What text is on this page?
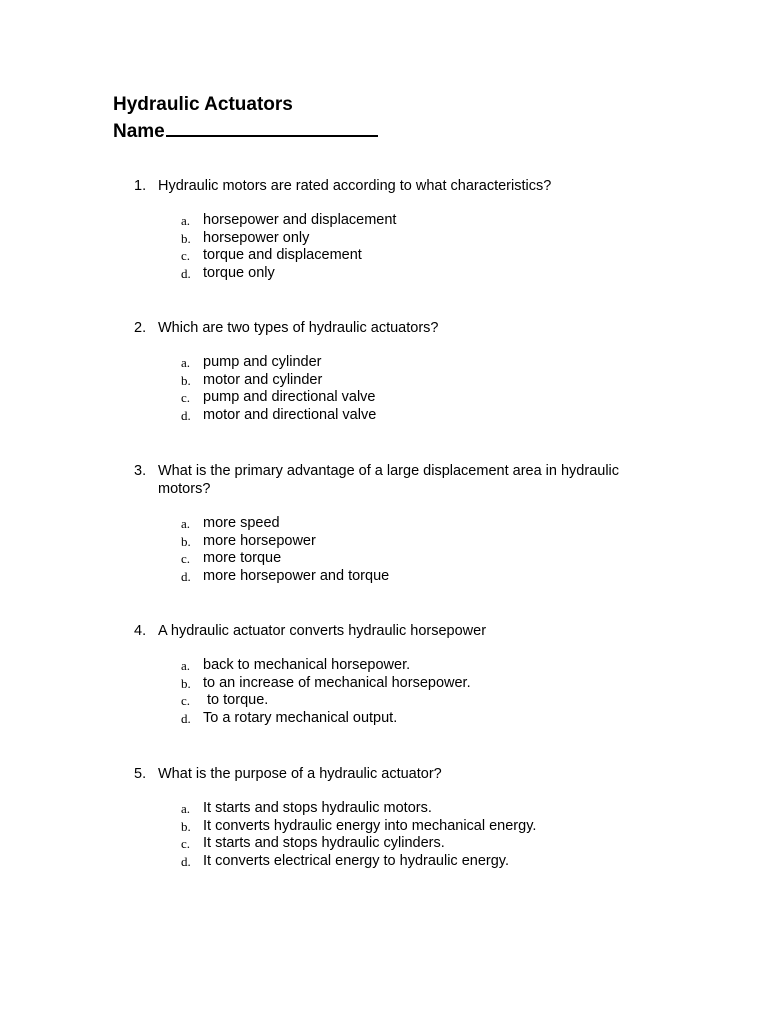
Hydraulic Actuators
Name
1. Hydraulic motors are rated according to what characteristics?
a. horsepower and displacement
b. horsepower only
c. torque and displacement
d. torque only
2. Which are two types of hydraulic actuators?
a. pump and cylinder
b. motor and cylinder
c. pump and directional valve
d. motor and directional valve
3. What is the primary advantage of a large displacement area in hydraulic motors?
a. more speed
b. more horsepower
c. more torque
d. more horsepower and torque
4. A hydraulic actuator converts hydraulic horsepower
a. back to mechanical horsepower.
b. to an increase of mechanical horsepower.
c. to torque.
d. To a rotary mechanical output.
5. What is the purpose of a hydraulic actuator?
a. It starts and stops hydraulic motors.
b. It converts hydraulic energy into mechanical energy.
c. It starts and stops hydraulic cylinders.
d. It converts electrical energy to hydraulic energy.
